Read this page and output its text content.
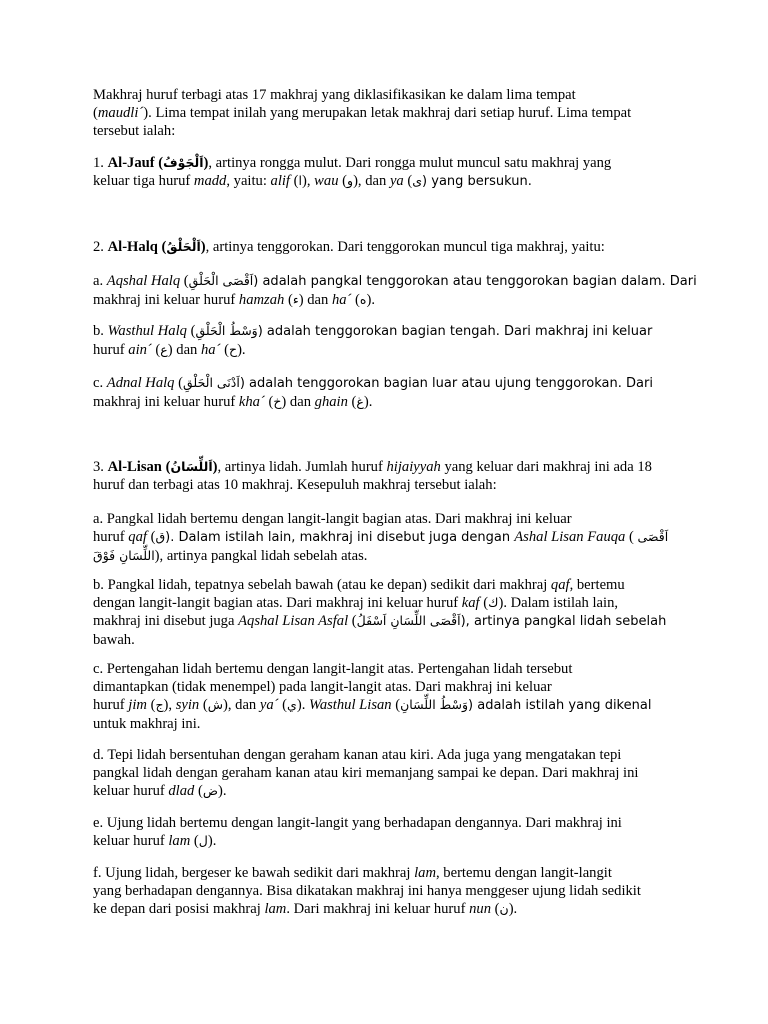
Makhraj huruf terbagi atas 17 makhraj yang diklasifikasikan ke dalam lima tempat
(maudli´). Lima tempat inilah yang merupakan letak makhraj dari setiap huruf. Lima tempat
tersebut ialah:

1. Al-Jauf (اَلْجَوْفُ), artinya rongga mulut. Dari rongga mulut muncul satu makhraj yang
keluar tiga huruf madd, yaitu: alif (ا), wau (و), dan ya (ى) yang bersukun.

2. Al-Halq (اَلْحَلْقُ), artinya tenggorokan. Dari tenggorokan muncul tiga makhraj, yaitu:

a. Aqshal Halq (اَقْصَى الْحَلْقِ) adalah pangkal tenggorokan atau tenggorokan bagian dalam. Dari
makhraj ini keluar huruf hamzah (ء) dan ha´ (ه).

b. Wasthul Halq (وَسْطُ الْحَلْقِ) adalah tenggorokan bagian tengah. Dari makhraj ini keluar
huruf ain´ (ع) dan ha´ (ح).

c. Adnal Halq (اَدْنَى الْحَلْقِ) adalah tenggorokan bagian luar atau ujung tenggorokan. Dari
makhraj ini keluar huruf kha´ (خ) dan ghain (غ).

3. Al-Lisan (اَللِّسَانُ), artinya lidah. Jumlah huruf hijaiyyah yang keluar dari makhraj ini ada 18
huruf dan terbagi atas 10 makhraj. Kesepuluh makhraj tersebut ialah:

a. Pangkal lidah bertemu dengan langit-langit bagian atas. Dari makhraj ini keluar
huruf qaf (ق). Dalam istilah lain, makhraj ini disebut juga dengan Ashal Lisan Fauqa ( اَقْصَى
اللِّسَانِ فَوْقَ), artinya pangkal lidah sebelah atas.

b. Pangkal lidah, tepatnya sebelah bawah (atau ke depan) sedikit dari makhraj qaf, bertemu
dengan langit-langit bagian atas. Dari makhraj ini keluar huruf kaf (ك). Dalam istilah lain,
makhraj ini disebut juga Aqshal Lisan Asfal (اَقْصَى اللِّسَانِ اَسْفَلُ), artinya pangkal lidah sebelah
bawah.

c. Pertengahan lidah bertemu dengan langit-langit atas. Pertengahan lidah tersebut
dimantapkan (tidak menempel) pada langit-langit atas. Dari makhraj ini keluar
huruf jim (ج), syin (ش), dan ya´ (ي). Wasthul Lisan (وَسْطُ اللِّسَانِ) adalah istilah yang dikenal
untuk makhraj ini.

d. Tepi lidah bersentuhan dengan geraham kanan atau kiri. Ada juga yang mengatakan tepi
pangkal lidah dengan geraham kanan atau kiri memanjang sampai ke depan. Dari makhraj ini
keluar huruf dlad (ض).

e. Ujung lidah bertemu dengan langit-langit yang berhadapan dengannya. Dari makhraj ini
keluar huruf lam (ل).

f. Ujung lidah, bergeser ke bawah sedikit dari makhraj lam, bertemu dengan langit-langit
yang berhadapan dengannya. Bisa dikatakan makhraj ini hanya menggeser ujung lidah sedikit
ke depan dari posisi makhraj lam. Dari makhraj ini keluar huruf nun (ن).
